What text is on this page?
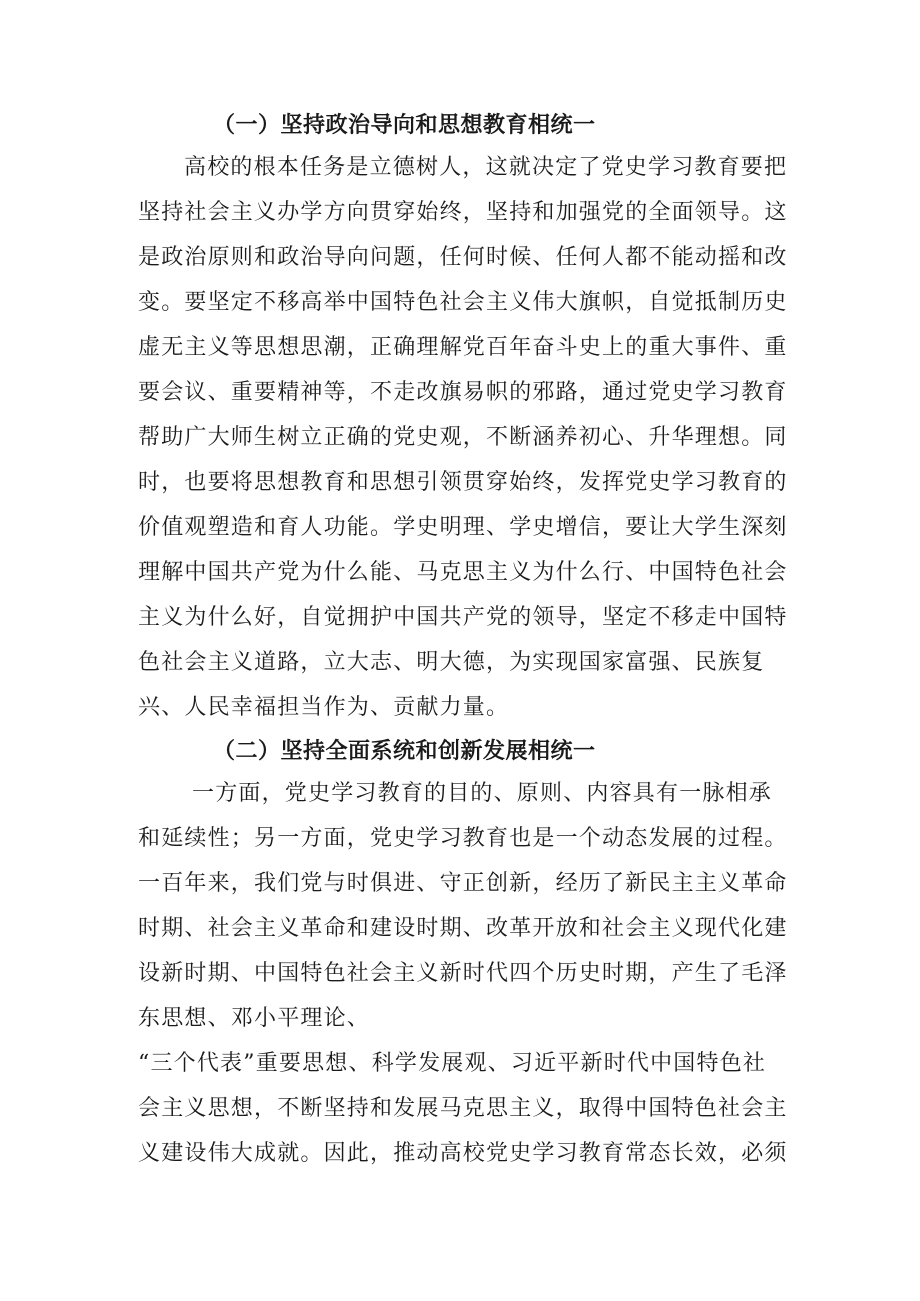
（一）坚持政治导向和思想教育相统一
高校的根本任务是立德树人，这就决定了党史学习教育要把
坚持社会主义办学方向贯穿始终，坚持和加强党的全面领导。这
是政治原则和政治导向问题，任何时候、任何人都不能动摇和改
变。要坚定不移高举中国特色社会主义伟大旗帜，自觉抵制历史
虚无主义等思想思潮，正确理解党百年奋斗史上的重大事件、重
要会议、重要精神等，不走改旗易帜的邪路，通过党史学习教育
帮助广大师生树立正确的党史观，不断涵养初心、升华理想。同
时，也要将思想教育和思想引领贯穿始终，发挥党史学习教育的
价值观塑造和育人功能。学史明理、学史增信，要让大学生深刻
理解中国共产党为什么能、马克思主义为什么行、中国特色社会
主义为什么好，自觉拥护中国共产党的领导，坚定不移走中国特
色社会主义道路，立大志、明大德，为实现国家富强、民族复
兴、人民幸福担当作为、贡献力量。
（二）坚持全面系统和创新发展相统一
一方面，党史学习教育的目的、原则、内容具有一脉相承
和延续性；另一方面，党史学习教育也是一个动态发展的过程。
一百年来，我们党与时俱进、守正创新，经历了新民主主义革命
时期、社会主义革命和建设时期、改革开放和社会主义现代化建
设新时期、中国特色社会主义新时代四个历史时期，产生了毛泽
东思想、邓小平理论、
“三个代表”重要思想、科学发展观、习近平新时代中国特色社
会主义思想，不断坚持和发展马克思主义，取得中国特色社会主
义建设伟大成就。因此，推动高校党史学习教育常态长效，必须
